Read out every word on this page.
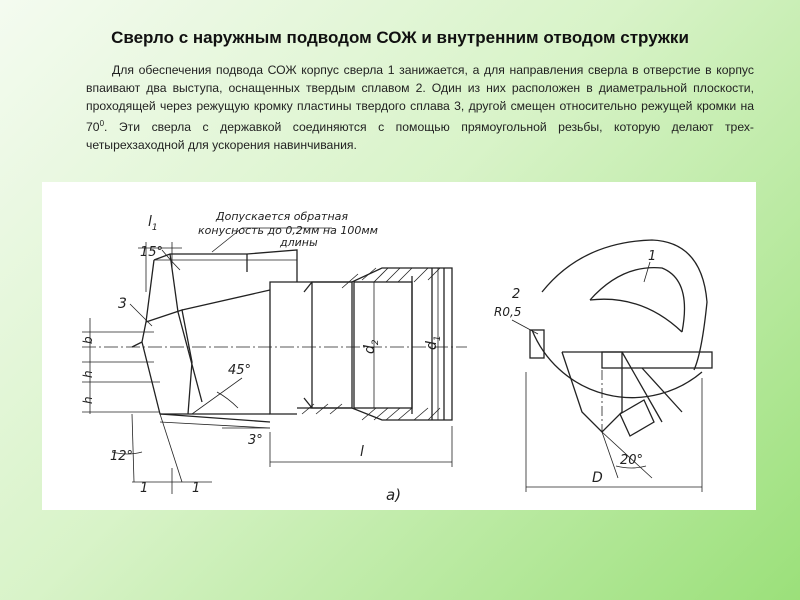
Сверло с наружным подводом СОЖ и внутренним отводом стружки
Для обеспечения подвода СОЖ корпус сверла 1 занижается, а для направления сверла в отверстие в корпус впаивают два выступа, оснащенных твердым сплавом 2. Один из них расположен в диаметральной плоскости, проходящей через режущую кромку пластины твердого сплава 3, другой смещен относительно режущей кромки на $70^0$. Эти сверла с державкой соединяются с помощью прямоугольной резьбы, которую делают трех-четырехзаходной для ускорения навинчивания.
Допускается обратная
конусность до 0,2мм на 100мм
длины
$l_1$
15°
3
b
h
h
45°
3°
12°
1	1
$d_2$	$d_1$
l
а)
2
R0,5
1
20°
D
